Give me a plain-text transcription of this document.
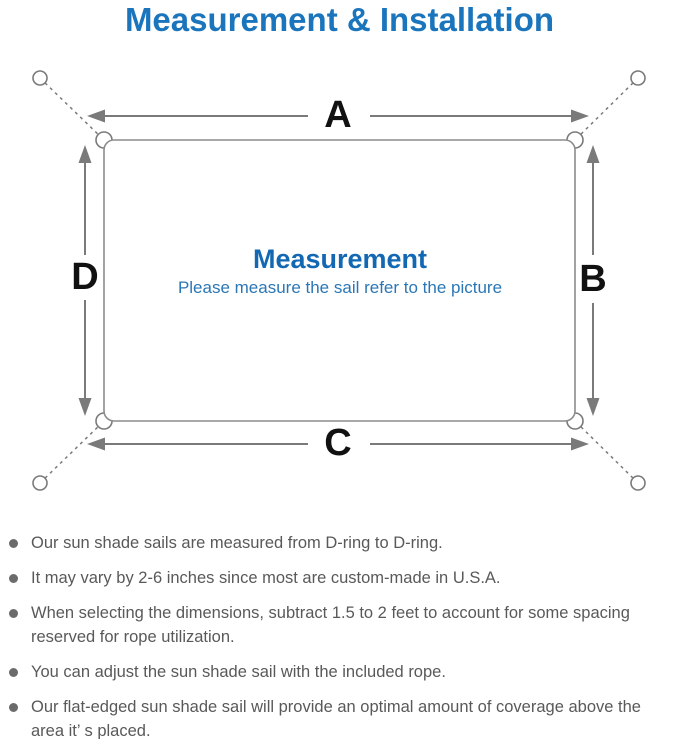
Measurement & Installation
A
B
C
D	Measurement
Please measure the sail refer to the picture
Our sun shade sails are measured from D-ring to D-ring.
It may vary by 2-6 inches since most are custom-made in U.S.A.
When selecting the dimensions, subtract 1.5 to 2 feet to account for some spacing reserved for rope utilization.
You can adjust the sun shade sail with the included rope.
Our flat-edged sun shade sail will provide an optimal amount of coverage above the area it’ s placed.
